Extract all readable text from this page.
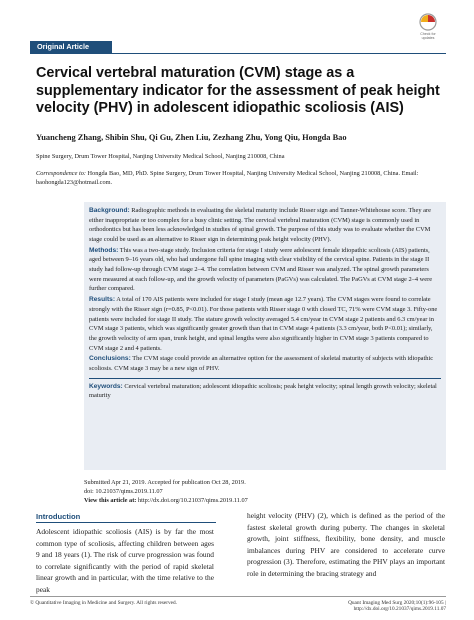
Original Article
Check for
updates
Cervical vertebral maturation (CVM) stage as a supplementary indicator for the assessment of peak height velocity (PHV) in adolescent idiopathic scoliosis (AIS)
Yuancheng Zhang, Shibin Shu, Qi Gu, Zhen Liu, Zezhang Zhu, Yong Qiu, Hongda Bao
Spine Surgery, Drum Tower Hospital, Nanjing University Medical School, Nanjing 210008, China
Correspondence to: Hongda Bao, MD, PhD. Spine Surgery, Drum Tower Hospital, Nanjing University Medical School, Nanjing 210008, China. Email: baohongda123@hotmail.com.

Background: Radiographic methods in evaluating the skeletal maturity include Risser sign and Tanner-Whitehouse score. They are either inappropriate or too complex for a busy clinic setting. The cervical vertebral maturation (CVM) stage is commonly used in orthodontics but has been less acknowledged in studies of spinal growth. The purpose of this study was to evaluate whether the CVM stage could be used as an alternative to Risser sign in determining peak height velocity (PHV).

Methods: This was a two-stage study. Inclusion criteria for stage I study were adolescent female idiopathic scoliosis (AIS) patients, aged between 9–16 years old, who had undergone full spine imaging with clear visibility of the cervical spine. Patients in the stage II study had follow-up through CVM stage 2–4. The correlation between CVM and Risser was analyzed. The spinal growth parameters were measured at each follow-up, and the growth velocity of parameters (PaGVs) was calculated. The PaGVs at CVM stage 2–4 were further compared.

Results: A total of 170 AIS patients were included for stage I study (mean age 12.7 years). The CVM stages were found to correlate strongly with the Risser sign (r=0.85, P<0.01). For those patients with Risser stage 0 with closed TC, 71% were CVM stage 3. Fifty-one patients were included for stage II study. The stature growth velocity averaged 5.4 cm/year in CVM stage 2 patients and 6.3 cm/year in CVM stage 3 patients, which was significantly greater growth than that in CVM stage 4 patients (3.3 cm/year, both P<0.01); similarly, the growth velocity of arm span, trunk height, and spinal lengths were also significantly higher in CVM stage 3 patients compared to CVM stage 2 and 4 patients.

Conclusions: The CVM stage could provide an alternative option for the assessment of skeletal maturity of subjects with idiopathic scoliosis. CVM stage 3 may be a new sign of PHV.

Keywords: Cervical vertebral maturation; adolescent idiopathic scoliosis; peak height velocity; spinal length growth velocity; skeletal maturity

Submitted Apr 21, 2019. Accepted for publication Oct 28, 2019.
doi: 10.21037/qims.2019.11.07
View this article at: http://dx.doi.org/10.21037/qims.2019.11.07
Introduction
Adolescent idiopathic scoliosis (AIS) is by far the most common type of scoliosis, affecting children between ages 9 and 18 years (1). The risk of curve progression was found to correlate significantly with the period of rapid skeletal linear growth and in particular, with the time relative to the peak
height velocity (PHV) (2), which is defined as the period of the fastest skeletal growth during puberty. The changes in skeletal growth, joint stiffness, flexibility, bone density, and muscle imbalances during PHV are considered to accelerate curve progression (3). Therefore, estimating the PHV plays an important role in determining the bracing strategy and
© Quantitative Imaging in Medicine and Surgery. All rights reserved.	Quant Imaging Med Surg 2020;10(1):96-105 | http://dx.doi.org/10.21037/qims.2019.11.07
